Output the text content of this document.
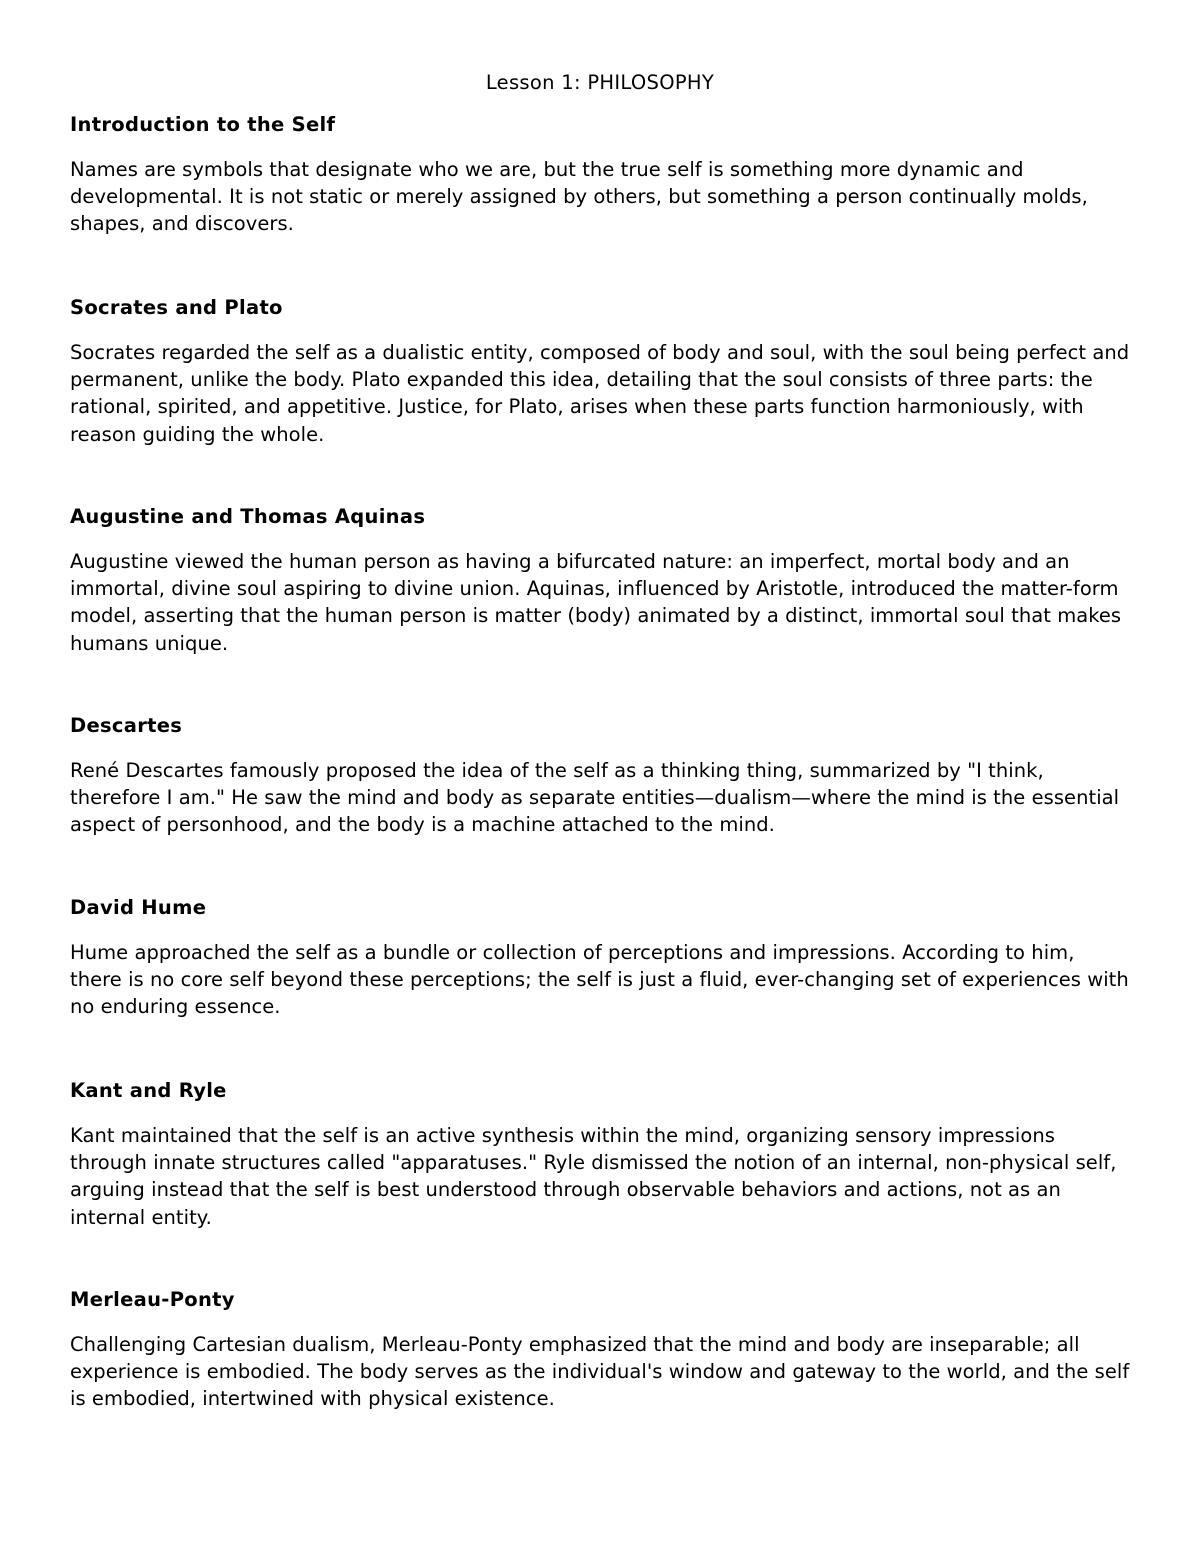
Lesson 1: PHILOSOPHY
Introduction to the Self

Names are symbols that designate who we are, but the true self is something more dynamic and developmental. It is not static or merely assigned by others, but something a person continually molds, shapes, and discovers.

Socrates and Plato

Socrates regarded the self as a dualistic entity, composed of body and soul, with the soul being perfect and permanent, unlike the body. Plato expanded this idea, detailing that the soul consists of three parts: the rational, spirited, and appetitive. Justice, for Plato, arises when these parts function harmoniously, with reason guiding the whole.

Augustine and Thomas Aquinas

Augustine viewed the human person as having a bifurcated nature: an imperfect, mortal body and an immortal, divine soul aspiring to divine union. Aquinas, influenced by Aristotle, introduced the matter-form model, asserting that the human person is matter (body) animated by a distinct, immortal soul that makes humans unique.

Descartes

René Descartes famously proposed the idea of the self as a thinking thing, summarized by "I think, therefore I am." He saw the mind and body as separate entities—dualism—where the mind is the essential aspect of personhood, and the body is a machine attached to the mind.

David Hume

Hume approached the self as a bundle or collection of perceptions and impressions. According to him, there is no core self beyond these perceptions; the self is just a fluid, ever-changing set of experiences with no enduring essence.

Kant and Ryle

Kant maintained that the self is an active synthesis within the mind, organizing sensory impressions through innate structures called "apparatuses." Ryle dismissed the notion of an internal, non-physical self, arguing instead that the self is best understood through observable behaviors and actions, not as an internal entity.

Merleau-Ponty

Challenging Cartesian dualism, Merleau-Ponty emphasized that the mind and body are inseparable; all experience is embodied. The body serves as the individual's window and gateway to the world, and the self is embodied, intertwined with physical existence.
